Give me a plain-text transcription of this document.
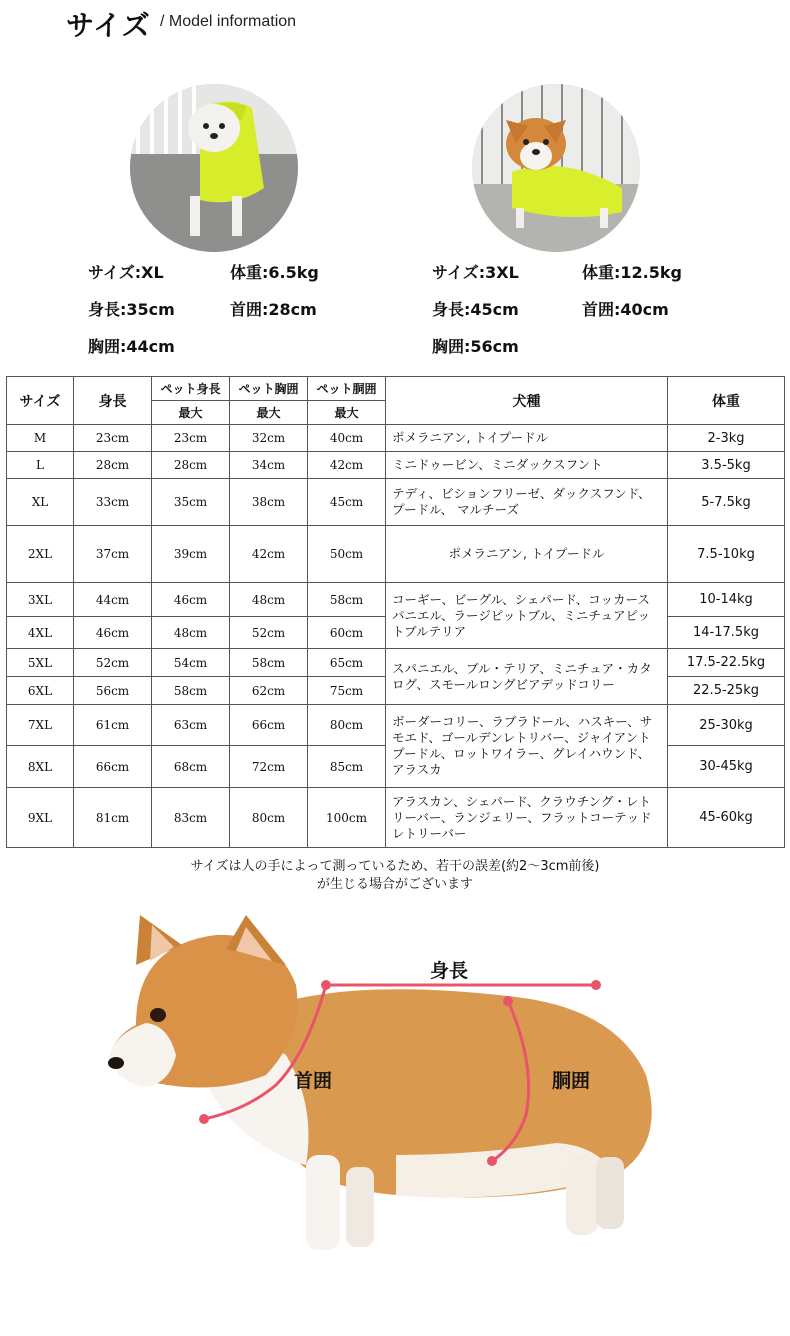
サイズ / Model information
サイズ:XL	体重:6.5kg
身長:35cm	首囲:28cm
胸囲:44cm
サイズ:3XL	体重:12.5kg
身長:45cm	首囲:40cm
胸囲:56cm
サイズ	身長	ペット身長	ペット胸囲	ペット胴囲	犬種	体重
		最大	最大	最大		
M	23cm	23cm	32cm	40cm	ポメラニアン, トイプードル	2-3kg
L	28cm	28cm	34cm	42cm	ミニドゥービン、ミニダックスフント	3.5-5kg
XL	33cm	35cm	38cm	45cm	テディ、ビションフリーゼ、ダックスフンド、プードル、 マルチーズ	5-7.5kg
2XL	37cm	39cm	42cm	50cm	ポメラニアン, トイプードル	7.5-10kg
3XL	44cm	46cm	48cm	58cm	コーギー、ビーグル、シェパード、コッカースパニエル、ラージピットブル、ミニチュアピットブルテリア	10-14kg
4XL	46cm	48cm	52cm	60cm		14-17.5kg
5XL	52cm	54cm	58cm	65cm	スパニエル、ブル・テリア、ミニチュア・カタログ、スモールロングビアデッドコリー	17.5-22.5kg
6XL	56cm	58cm	62cm	75cm		22.5-25kg
7XL	61cm	63cm	66cm	80cm	ボーダーコリー、ラブラドール、ハスキー、サモエド、ゴールデンレトリバー、ジャイアントプードル、ロットワイラー、グレイハウンド、アラスカ	25-30kg
8XL	66cm	68cm	72cm	85cm		30-45kg
9XL	81cm	83cm	80cm	100cm	アラスカン、シェパード、クラウチング・レトリーバー、ランジェリー、フラットコーテッドレトリーバー	45-60kg
サイズは人の手によって測っているため、若干の誤差(約2～3cm前後)
が生じる場合がございます
身長
首囲	胴囲
